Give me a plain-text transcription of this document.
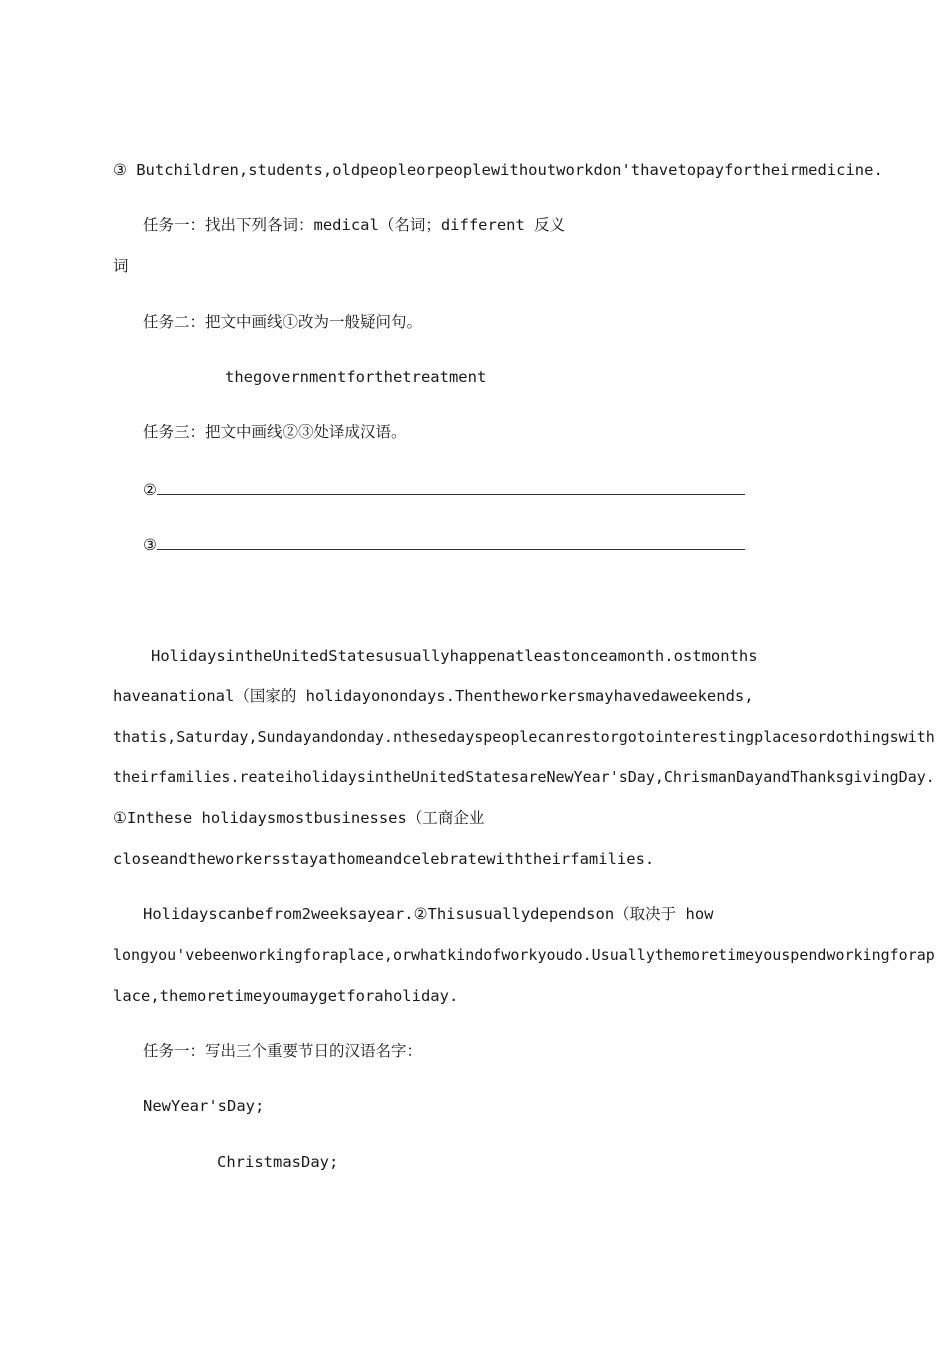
③ Butchildren,students,oldpeopleorpeoplewithoutworkdon'thavetopayfortheirmedicine.
任务一：找出下列各词：medical（名词；different 反义
词
任务二：把文中画线①改为一般疑问句。
thegovernmentforthetreatment
任务三：把文中画线②③处译成汉语。
②
③
HolidaysintheUnitedStatesusuallyhappenatleastonceamonth.ostmonths
haveanational（国家的 holidayonondays.Thentheworkersmayhavedaweekends,
thatis,Saturday,Sundayandonday.nthesedayspeoplecanrestorgotointerestingplacesordothingswith
theirfamilies.reateiholidaysintheUnitedStatesareNewYear'sDay,ChrismanDayandThanksgivingDay.
①Inthese holidaysmostbusinesses（工商企业
closeandtheworkersstayathomeandcelebratewiththeirfamilies.
Holidayscanbefrom2weeksayear.②Thisusuallydependson（取决于 how
longyou'vebeenworkingforaplace,orwhatkindofworkyoudo.Usuallythemoretimeyouspendworkingforap
lace,themoretimeyoumaygetforaholiday.
任务一：写出三个重要节日的汉语名字：
NewYear'sDay;
ChristmasDay;
